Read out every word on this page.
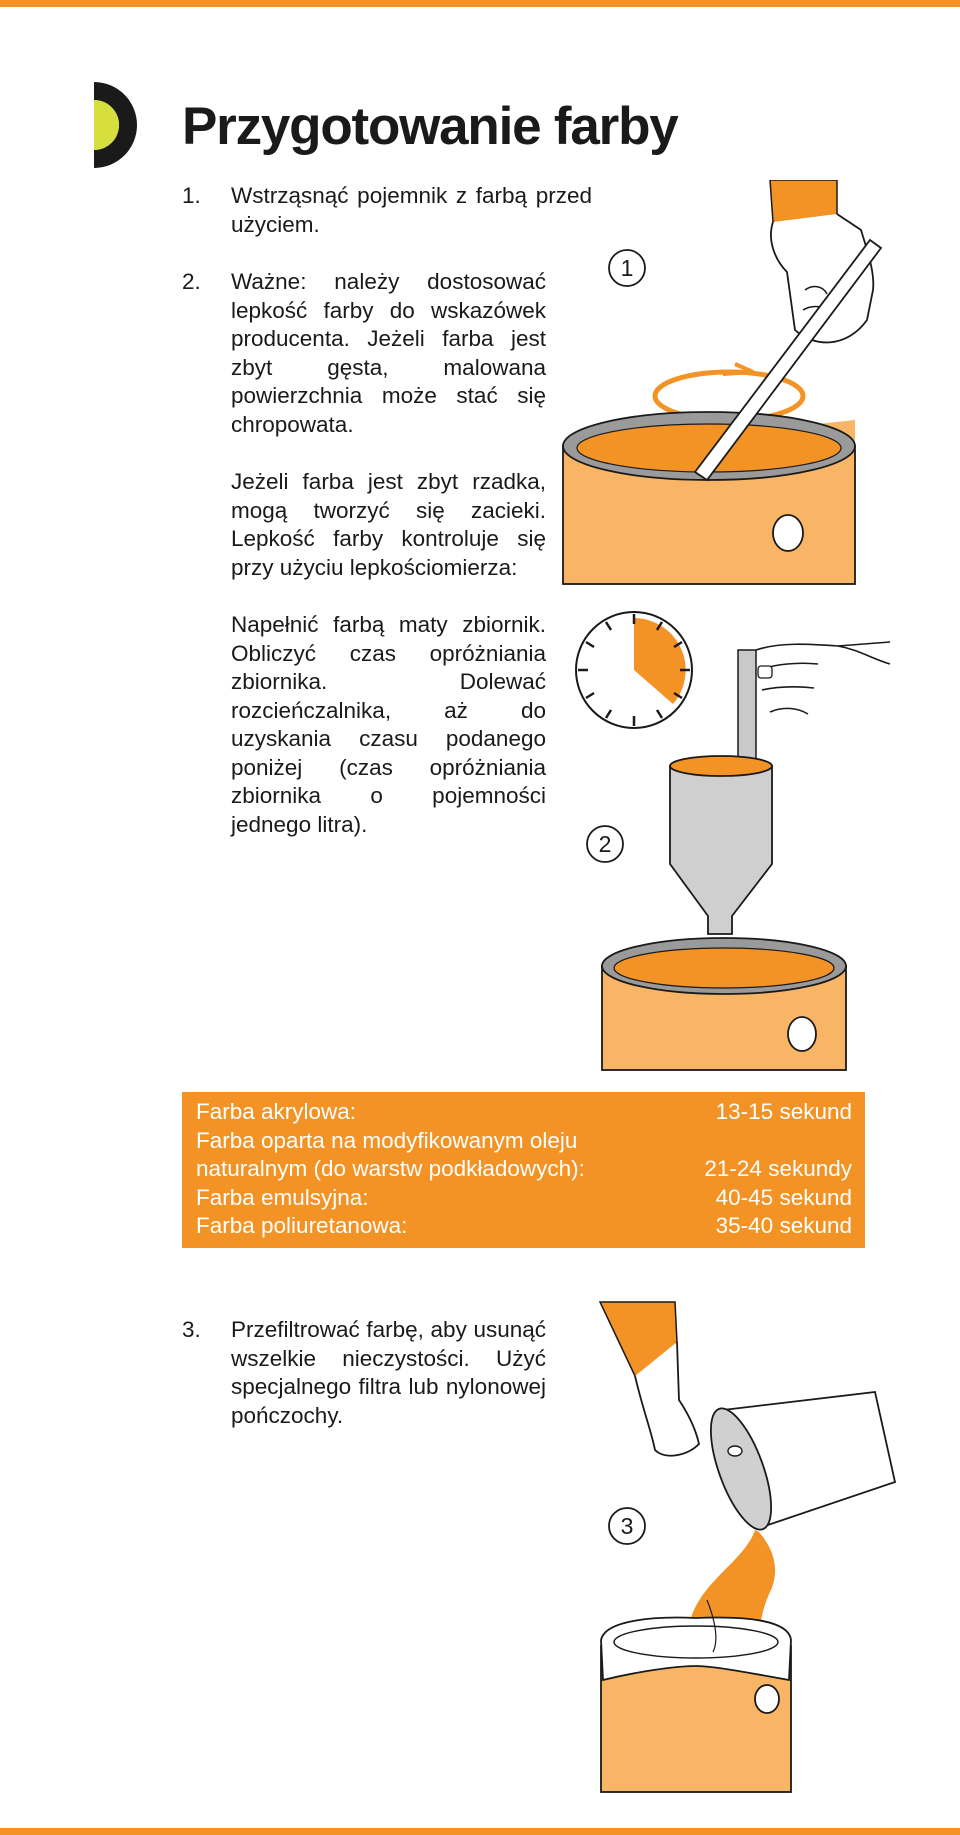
Przygotowanie farby
1. Wstrząsnąć pojemnik z farbą przed użyciem.

2. Ważne: należy dostosować lepkość farby do wskazówek producenta. Jeżeli farba jest zbyt gęsta, malowana powierzchnia może stać się chropowata.

Jeżeli farba jest zbyt rzadka, mogą tworzyć się zacieki. Lepkość farby kontroluje się przy użyciu lepkościomierza:

Napełnić farbą maty zbiornik. Obliczyć czas opróżniania zbiornika. Dolewać rozcieńczalnika, aż do uzyskania czasu podanego poniżej (czas opróżniania zbiornika o pojemności jednego litra).

3. Przefiltrować farbę, aby usunąć wszelkie nieczystości. Użyć specjalnego filtra lub nylonowej pończochy.

1
2
Farba akrylowa:	13-15 sekund
Farba oparta na modyfikowanym oleju
naturalnym (do warstw podkładowych):	21-24 sekundy
Farba emulsyjna:	40-45 sekund
Farba poliuretanowa:	35-40 sekund
3
